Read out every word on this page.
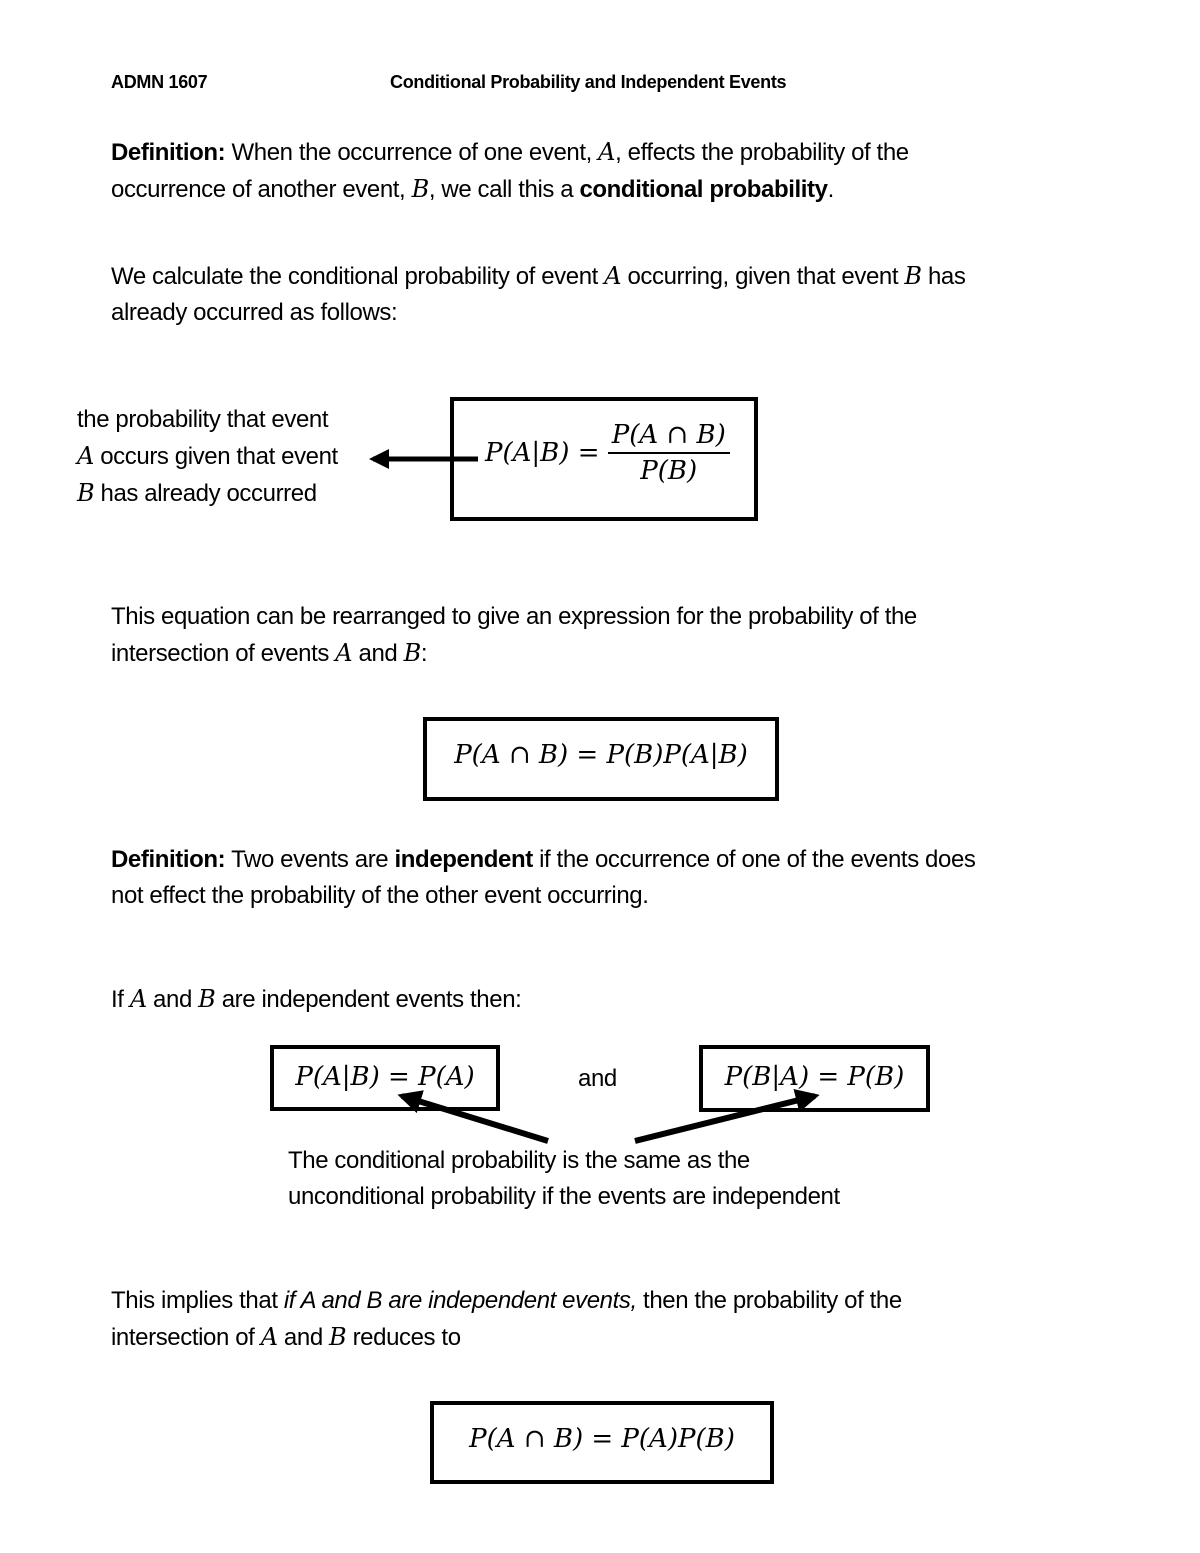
ADMN 1607	Conditional Probability and Independent Events
Definition: When the occurrence of one event, A, effects the probability of the
occurrence of another event, B, we call this a conditional probability.
We calculate the conditional probability of event A occurring, given that event B has
already occurred as follows:
the probability that event
A occurs given that event
B has already occurred
$P(A|B) = \frac{P(A \cap B)}{P(B)}$
This equation can be rearranged to give an expression for the probability of the
intersection of events A and B:
P(A ∩ B) = P(B)P(A|B)
Definition: Two events are independent if the occurrence of one of the events does
not effect the probability of the other event occurring.
If A and B are independent events then:
P(A|B) = P(A)	and	P(B|A) = P(B)
The conditional probability is the same as the
unconditional probability if the events are independent
This implies that if A and B are independent events, then the probability of the
intersection of A and B reduces to
P(A ∩ B) = P(A)P(B)
